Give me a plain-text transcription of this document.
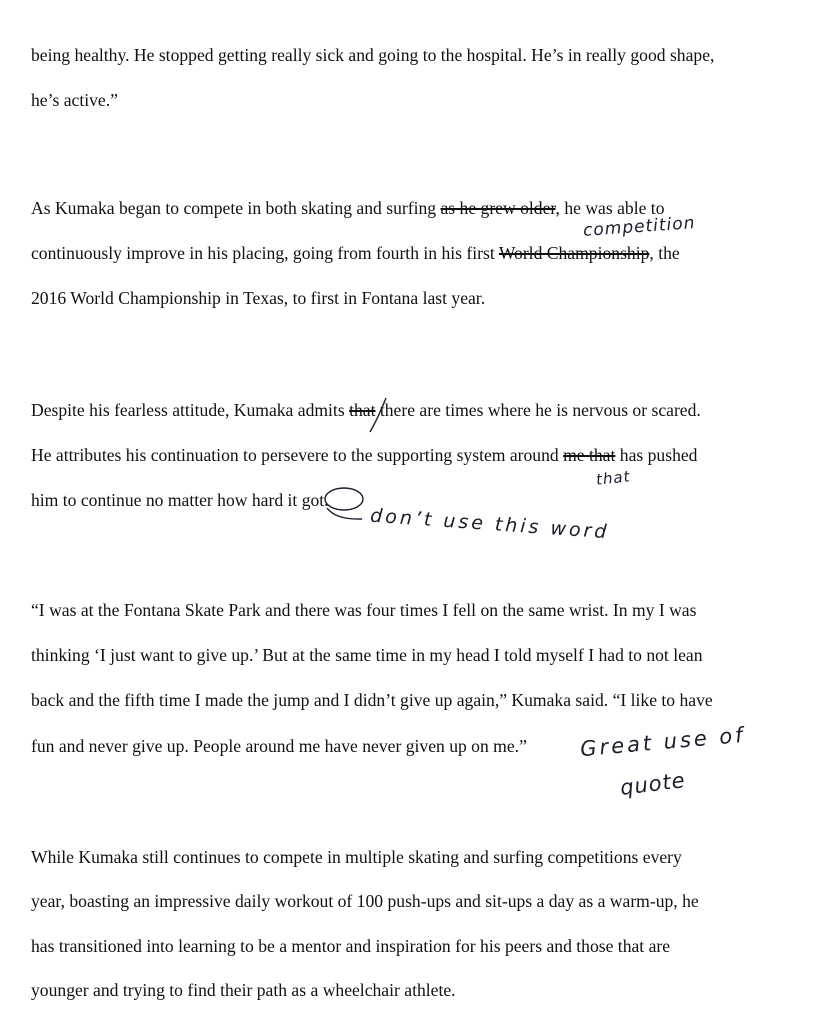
being healthy. He stopped getting really sick and going to the hospital. He’s in really good shape,
he’s active.”
As Kumaka began to compete in both skating and surfing as he grew older, he was able to
continuously improve in his placing, going from fourth in his first World Championship, the
2016 World Championship in Texas, to first in Fontana last year.
Despite his fearless attitude, Kumaka admits that there are times where he is nervous or scared.
He attributes his continuation to persevere to the supporting system around me that has pushed
him to continue no matter how hard it got.
“I was at the Fontana Skate Park and there was four times I fell on the same wrist. In my I was
thinking ‘I just want to give up.’ But at the same time in my head I told myself I had to not lean
back and the fifth time I made the jump and I didn’t give up again,” Kumaka said. “I like to have
fun and never give up. People around me have never given up on me.”
While Kumaka still continues to compete in multiple skating and surfing competitions every
year, boasting an impressive daily workout of 100 push-ups and sit-ups a day as a warm-up, he
has transitioned into learning to be a mentor and inspiration for his peers and those that are
younger and trying to find their path as a wheelchair athlete.
competition
that
don’t use this word
Great use of
quote
